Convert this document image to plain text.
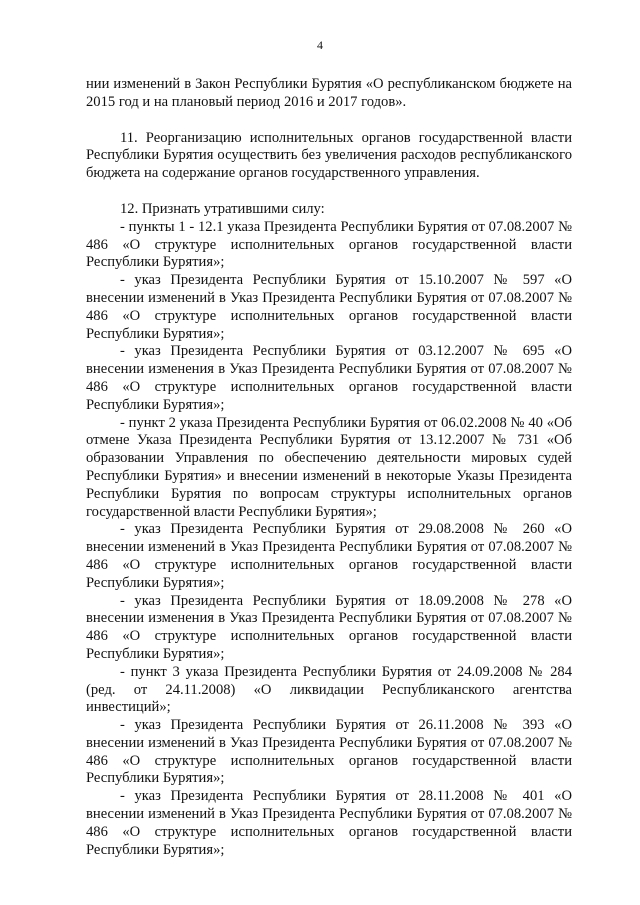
4

нии изменений в Закон Республики Бурятия «О республиканском бюджете на 2015 год и на плановый период 2016 и 2017 годов».

11. Реорганизацию исполнительных органов государственной власти Республики Бурятия осуществить без увеличения расходов республиканского бюджета на содержание органов государственного управления.

12. Признать утратившими силу:

- пункты 1 - 12.1 указа Президента Республики Бурятия от 07.08.2007 № 486 «О структуре исполнительных органов государственной власти Республики Бурятия»;

- указ Президента Республики Бурятия от 15.10.2007 № 597 «О внесении изменений в Указ Президента Республики Бурятия от 07.08.2007 № 486 «О структуре исполнительных органов государственной власти Республики Бурятия»;

- указ Президента Республики Бурятия от 03.12.2007 № 695 «О внесении изменения в Указ Президента Республики Бурятия от 07.08.2007 № 486 «О структуре исполнительных органов государственной власти Республики Бурятия»;

- пункт 2 указа Президента Республики Бурятия от 06.02.2008 № 40 «Об отмене Указа Президента Республики Бурятия от 13.12.2007 № 731 «Об образовании Управления по обеспечению деятельности мировых судей Республики Бурятия» и внесении изменений в некоторые Указы Президента Республики Бурятия по вопросам структуры исполнительных органов государственной власти Республики Бурятия»;

- указ Президента Республики Бурятия от 29.08.2008 № 260 «О внесении изменений в Указ Президента Республики Бурятия от 07.08.2007 № 486 «О структуре исполнительных органов государственной власти Республики Бурятия»;

- указ Президента Республики Бурятия от 18.09.2008 № 278 «О внесении изменения в Указ Президента Республики Бурятия от 07.08.2007 № 486 «О структуре исполнительных органов государственной власти Республики Бурятия»;

- пункт 3 указа Президента Республики Бурятия от 24.09.2008 № 284 (ред. от 24.11.2008) «О ликвидации Республиканского агентства инвестиций»;

- указ Президента Республики Бурятия от 26.11.2008 № 393 «О внесении изменений в Указ Президента Республики Бурятия от 07.08.2007 № 486 «О структуре исполнительных органов государственной власти Республики Бурятия»;

- указ Президента Республики Бурятия от 28.11.2008 № 401 «О внесении изменений в Указ Президента Республики Бурятия от 07.08.2007 № 486 «О структуре исполнительных органов государственной власти Республики Бурятия»;
